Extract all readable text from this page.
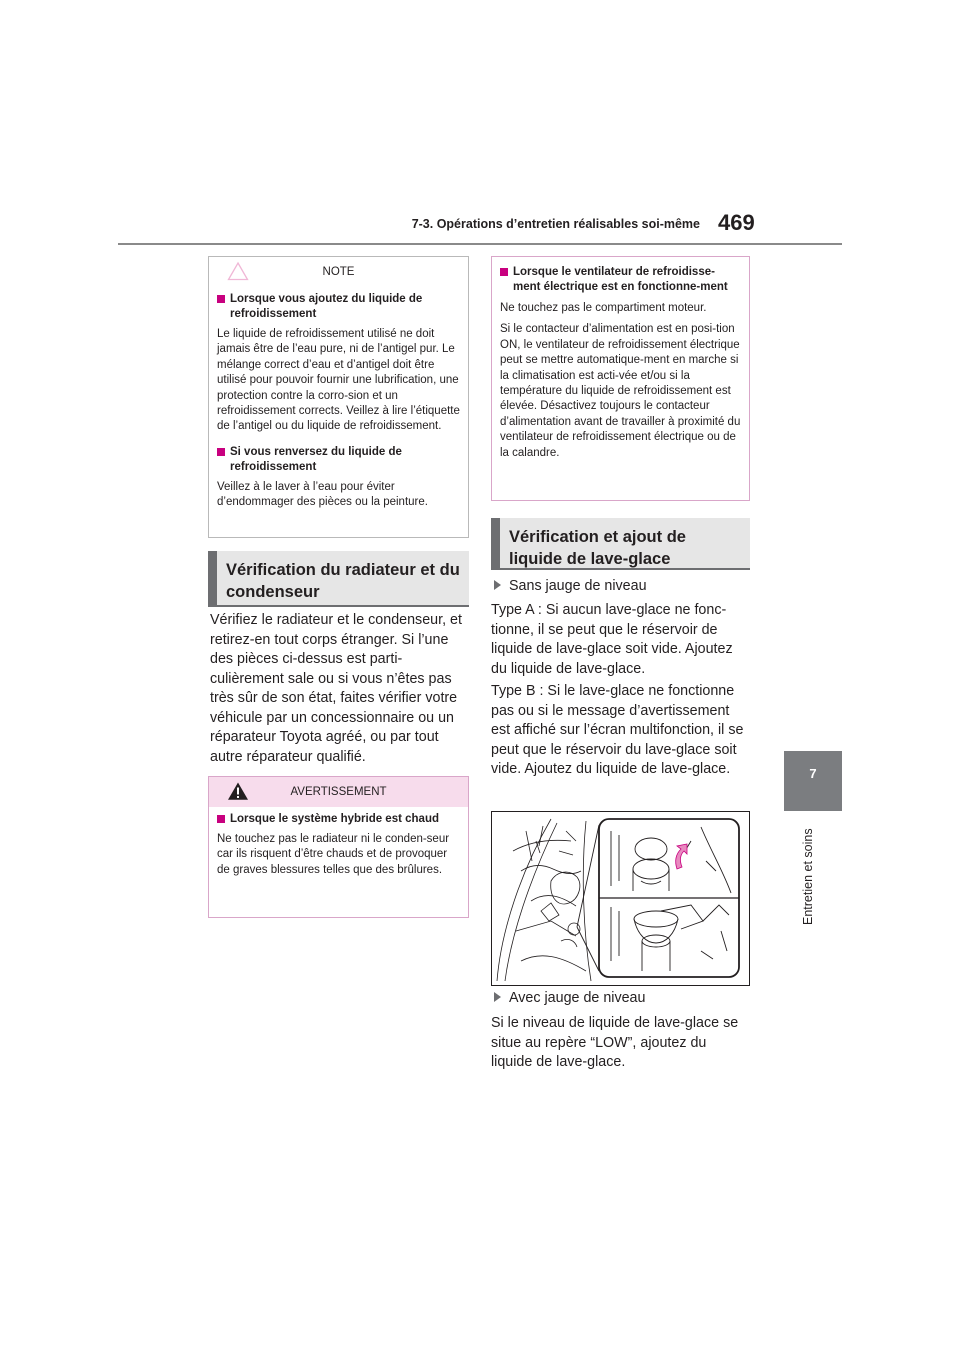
7-3. Opérations d’entretien réalisables soi-même 469
7
Entretien et soins
NOTE
Lorsque vous ajoutez du liquide de refroidissement
Le liquide de refroidissement utilisé ne doit jamais être de l’eau pure, ni de l’antigel pur. Le mélange correct d’eau et d’antigel doit être utilisé pour pouvoir fournir une lubrification, une protection contre la corro-sion et un refroidissement corrects. Veillez à lire l’étiquette de l’antigel ou du liquide de refroidissement.
Si vous renversez du liquide de refroidissement
Veillez à le laver à l’eau pour éviter d’endommager des pièces ou la peinture.
Vérification du radiateur et du condenseur
Vérifiez le radiateur et le condenseur, et retirez-en tout corps étranger. Si l’une des pièces ci-dessus est parti-culièrement sale ou si vous n’êtes pas très sûr de son état, faites vérifier votre véhicule par un concessionnaire ou un réparateur Toyota agréé, ou par tout autre réparateur qualifié.
AVERTISSEMENT
Lorsque le système hybride est chaud
Ne touchez pas le radiateur ni le conden-seur car ils risquent d’être chauds et de provoquer de graves blessures telles que des brûlures.
Lorsque le ventilateur de refroidisse-ment électrique est en fonctionne-ment
Ne touchez pas le compartiment moteur.
Si le contacteur d’alimentation est en posi-tion ON, le ventilateur de refroidissement électrique peut se mettre automatique-ment en marche si la climatisation est acti-vée et/ou si la température du liquide de refroidissement est élevée. Désactivez toujours le contacteur d’alimentation avant de travailler à proximité du ventilateur de refroidissement électrique ou de la calandre.
Vérification et ajout de liquide de lave-glace
Sans jauge de niveau
Type A : Si aucun lave-glace ne fonc-tionne, il se peut que le réservoir de liquide de lave-glace soit vide. Ajoutez du liquide de lave-glace.
Type B : Si le lave-glace ne fonctionne pas ou si le message d’avertissement est affiché sur l’écran multifonction, il se peut que le réservoir du lave-glace soit vide. Ajoutez du liquide de lave-glace.
Avec jauge de niveau
Si le niveau de liquide de lave-glace se situe au repère “LOW”, ajoutez du liquide de lave-glace.
